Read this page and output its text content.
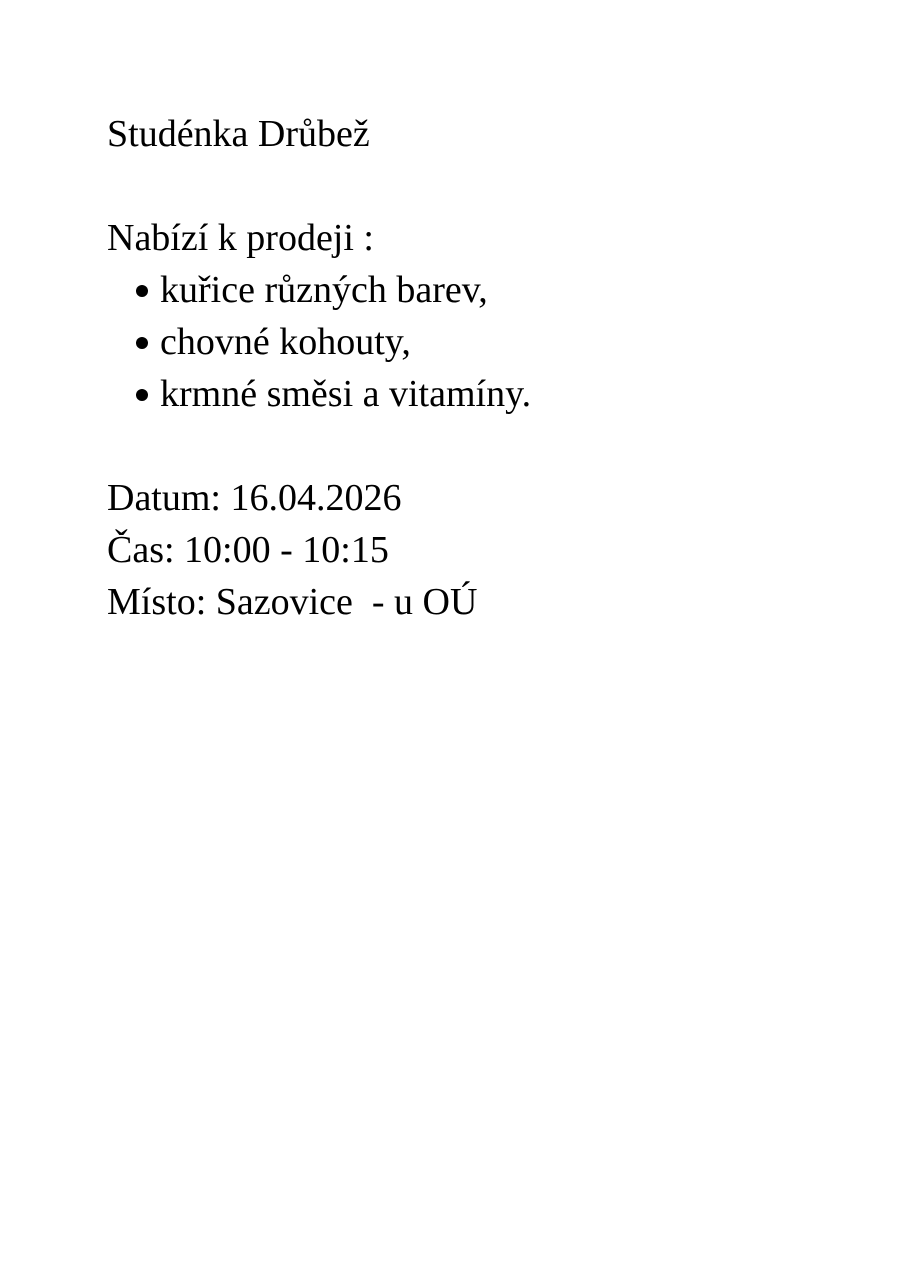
Studénka Drůbež

Nabízí k prodeji :

kuřice různých barev,
chovné kohouty,
krmné směsi a vitamíny.

Datum: 16.04.2026

Čas: 10:00 - 10:15

Místo: Sazovice  - u OÚ
